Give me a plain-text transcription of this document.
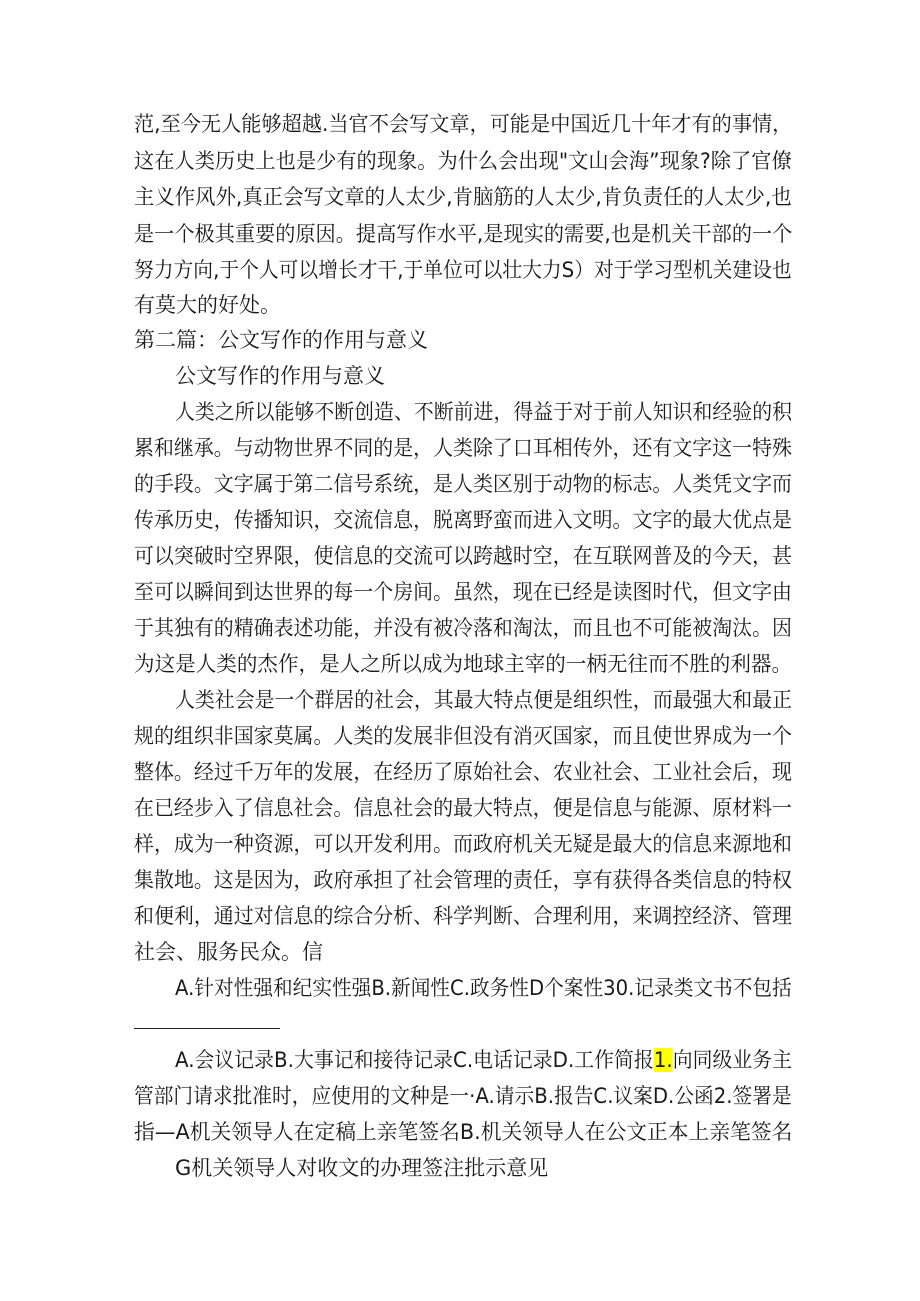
范,至今无人能够超越.当官不会写文章，可能是中国近几十年才有的事情，
这在人类历史上也是少有的现象。为什么会出现"文山会海”现象?除了官僚
主义作风外,真正会写文章的人太少,肯脑筋的人太少,肯负责任的人太少,也
是一个极其重要的原因。提高写作水平,是现实的需要,也是机关干部的一个
努力方向,于个人可以增长才干,于单位可以壮大力S）对于学习型机关建设也
有莫大的好处。
第二篇：公文写作的作用与意义
公文写作的作用与意义
人类之所以能够不断创造、不断前进，得益于对于前人知识和经验的积
累和继承。与动物世界不同的是，人类除了口耳相传外，还有文字这一特殊
的手段。文字属于第二信号系统，是人类区别于动物的标志。人类凭文字而
传承历史，传播知识，交流信息，脱离野蛮而进入文明。文字的最大优点是
可以突破时空界限，使信息的交流可以跨越时空，在互联网普及的今天，甚
至可以瞬间到达世界的每一个房间。虽然，现在已经是读图时代，但文字由
于其独有的精确表述功能，并没有被冷落和淘汰，而且也不可能被淘汰。因
为这是人类的杰作，是人之所以成为地球主宰的一柄无往而不胜的利器。
人类社会是一个群居的社会，其最大特点便是组织性，而最强大和最正
规的组织非国家莫属。人类的发展非但没有消灭国家，而且使世界成为一个
整体。经过千万年的发展，在经历了原始社会、农业社会、工业社会后，现
在已经步入了信息社会。信息社会的最大特点，便是信息与能源、原材料一
样，成为一种资源，可以开发利用。而政府机关无疑是最大的信息来源地和
集散地。这是因为，政府承担了社会管理的责任，享有获得各类信息的特权
和便利，通过对信息的综合分析、科学判断、合理利用，来调控经济、管理
社会、服务民众。信
A.针对性强和纪实性强B.新闻性C.政务性D个案性30.记录类文书不包括
A.会议记录B.大事记和接待记录C.电话记录D.工作简报1.向同级业务主
管部门请求批准时，应使用的文种是一·A.请示B.报告C.议案D.公函2.签署是
指—A机关领导人在定稿上亲笔签名B.机关领导人在公文正本上亲笔签名
G机关领导人对收文的办理签注批示意见
